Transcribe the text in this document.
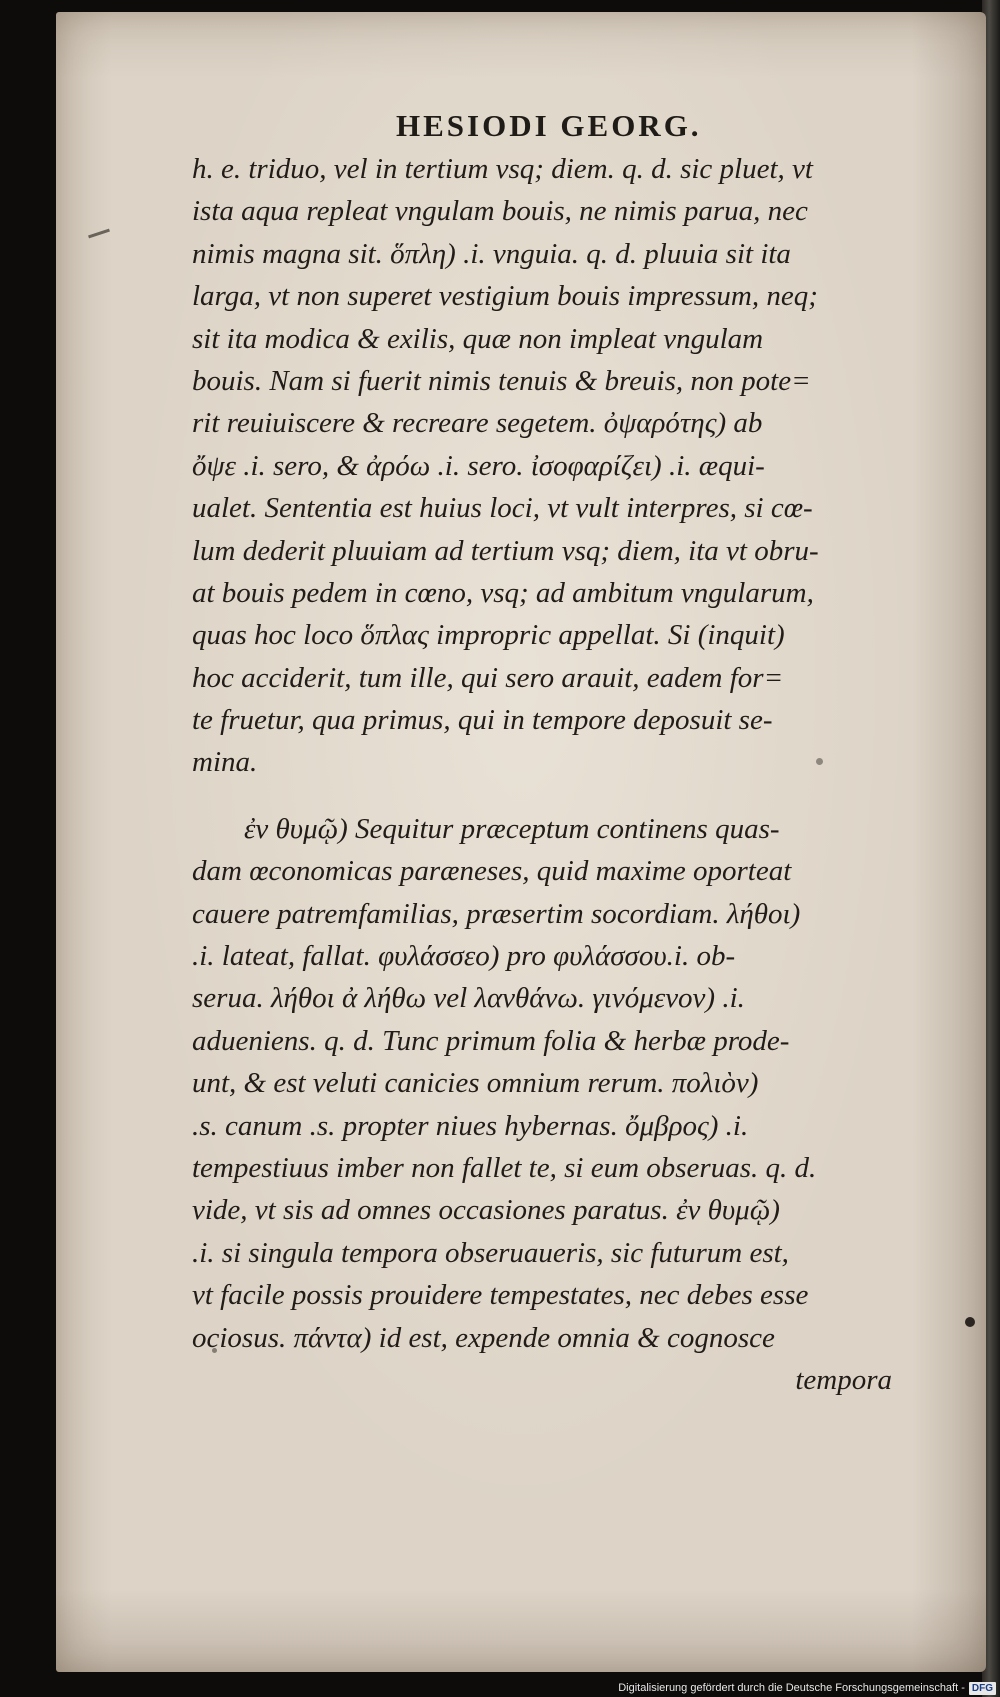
HESIODI GEORG.
h. e. triduo, vel in tertium vsq; diem. q. d. sic pluet, vt
ista aqua repleat vngulam bouis, ne nimis parua, nec
nimis magna sit. ὅπλη) .i. vnguia. q. d. pluuia sit ita
larga, vt non superet vestigium bouis impressum, neq;
sit ita modica & exilis, quæ non impleat vngulam
bouis. Nam si fuerit nimis tenuis & breuis, non pote=
rit reuiuiscere & recreare segetem. ὀψαρότης) ab
ὄψε .i. sero, & ἀρόω .i. sero. ἰσοφαρίζει) .i. æqui-
ualet. Sententia est huius loci, vt vult interpres, si cœ-
lum dederit pluuiam ad tertium vsq; diem, ita vt obru-
at bouis pedem in cœno, vsq; ad ambitum vngularum,
quas hoc loco ὅπλας impropric appellat. Si (inquit)
hoc acciderit, tum ille, qui sero arauit, eadem for=
te fruetur, qua primus, qui in tempore deposuit se-
mina.
ἐν θυμῷ) Sequitur præceptum continens quas-
dam œconomicas paræneses, quid maxime oporteat
cauere patremfamilias, præsertim socordiam. λήθοι)
.i. lateat, fallat. φυλάσσεο) pro φυλάσσου.i. ob-
serua. λήθοι ἀ λήθω vel λανθάνω. γινόμενον) .i.
adueniens. q. d. Tunc primum folia & herbæ prode-
unt, & est veluti canicies omnium rerum. πολιὸν)
.s. canum .s. propter niues hybernas. ὄμβρος) .i.
tempestiuus imber non fallet te, si eum obseruas. q. d.
vide, vt sis ad omnes occasiones paratus. ἐν θυμῷ)
.i. si singula tempora obseruaueris, sic futurum est,
vt facile possis prouidere tempestates, nec debes esse
ociosus. πάντα) id est, expende omnia & cognosce
tempora
Digitalisierung gefördert durch die Deutsche Forschungsgemeinschaft - DFG
